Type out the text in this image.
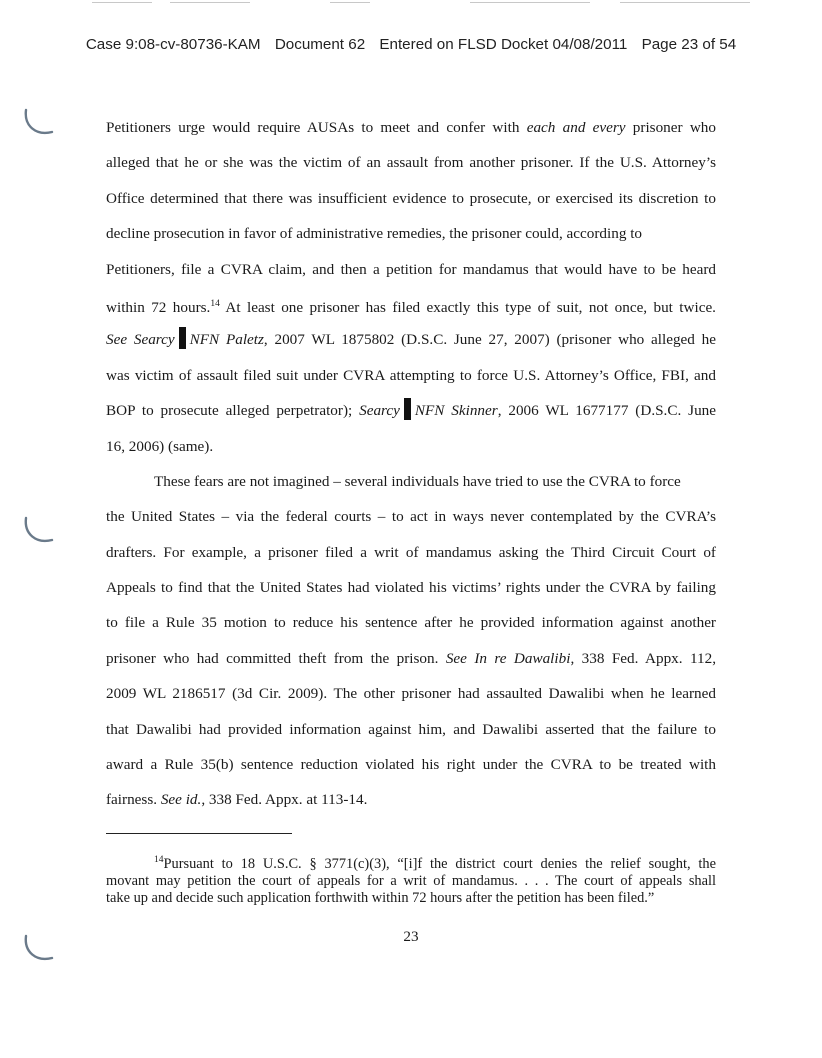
Case 9:08-cv-80736-KAM Document 62 Entered on FLSD Docket 04/08/2011 Page 23 of 54
Petitioners urge would require AUSAs to meet and confer with each and every prisoner who
alleged that he or she was the victim of an assault from another prisoner. If the U.S. Attorney’s
Office determined that there was insufficient evidence to prosecute, or exercised its discretion to
decline prosecution in favor of administrative remedies, the prisoner could, according to
Petitioners, file a CVRA claim, and then a petition for mandamus that would have to be heard
within 72 hours.$^{14}$ At least one prisoner has filed exactly this type of suit, not once, but twice.
See Searcy NFN Paletz, 2007 WL 1875802 (D.S.C. June 27, 2007) (prisoner who alleged he
was victim of assault filed suit under CVRA attempting to force U.S. Attorney’s Office, FBI, and
BOP to prosecute alleged perpetrator); Searcy NFN Skinner, 2006 WL 1677177 (D.S.C. June
16, 2006) (same).
These fears are not imagined – several individuals have tried to use the CVRA to force
the United States – via the federal courts – to act in ways never contemplated by the CVRA’s
drafters. For example, a prisoner filed a writ of mandamus asking the Third Circuit Court of
Appeals to find that the United States had violated his victims’ rights under the CVRA by failing
to file a Rule 35 motion to reduce his sentence after he provided information against another
prisoner who had committed theft from the prison. See In re Dawalibi, 338 Fed. Appx. 112,
2009 WL 2186517 (3d Cir. 2009). The other prisoner had assaulted Dawalibi when he learned
that Dawalibi had provided information against him, and Dawalibi asserted that the failure to
award a Rule 35(b) sentence reduction violated his right under the CVRA to be treated with
fairness. See id., 338 Fed. Appx. at 113-14.
$^{14}$Pursuant to 18 U.S.C. § 3771(c)(3), “[i]f the district court denies the relief sought, the
movant may petition the court of appeals for a writ of mandamus. . . . The court of appeals shall
take up and decide such application forthwith within 72 hours after the petition has been filed.”
23
